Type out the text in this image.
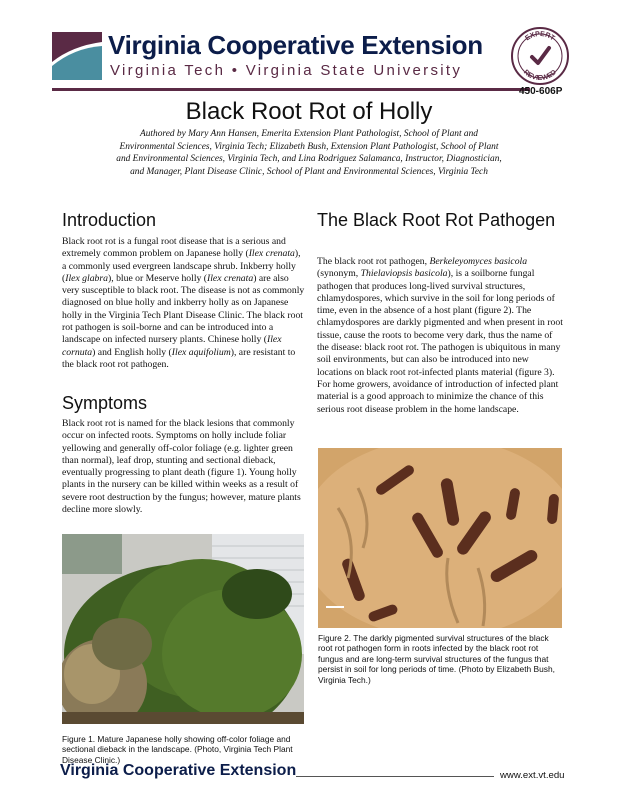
Virginia Cooperative Extension
Virginia Tech • Virginia State University
EXPERT
REVIEWED
450-606P
Black Root Rot of Holly
Authored by Mary Ann Hansen, Emerita Extension Plant Pathologist, School of Plant and Environmental Sciences, Virginia Tech; Elizabeth Bush, Extension Plant Pathologist, School of Plant and Environmental Sciences, Virginia Tech, and Lina Rodriguez Salamanca, Instructor, Diagnostician, and Manager, Plant Disease Clinic, School of Plant and Environmental Sciences, Virginia Tech
Introduction
Black root rot is a fungal root disease that is a serious and extremely common problem on Japanese holly (Ilex crenata), a commonly used evergreen landscape shrub. Inkberry holly (Ilex glabra), blue or Meserve holly (Ilex crenata) are also very susceptible to black root. The disease is not as commonly diagnosed on blue holly and inkberry holly as on Japanese holly in the Virginia Tech Plant Disease Clinic. The black root rot pathogen is soil-borne and can be introduced into a landscape on infected nursery plants. Chinese holly (Ilex cornuta) and English holly (Ilex aquifolium), are resistant to the black root rot pathogen.
Symptoms
Black root rot is named for the black lesions that commonly occur on infected roots. Symptoms on holly include foliar yellowing and generally off-color foliage (e.g. lighter green than normal), leaf drop, stunting and sectional dieback, eventually progressing to plant death (figure 1). Young holly plants in the nursery can be killed within weeks as a result of severe root destruction by the fungus; however, mature plants decline more slowly.
Figure 1. Mature Japanese holly showing off-color foliage and sectional dieback in the landscape. (Photo, Virginia Tech Plant Disease Clinic.)
The Black Root Rot Pathogen
The black root rot pathogen, Berkeleyomyces basicola (synonym, Thielaviopsis basicola), is a soilborne fungal pathogen that produces long-lived survival structures, chlamydospores, which survive in the soil for long periods of time, even in the absence of a host plant (figure 2). The chlamydospores are darkly pigmented and when present in root tissue, cause the roots to become very dark, thus the name of the disease: black root rot. The pathogen is ubiquitous in many soil environments, but can also be introduced into new locations on black root rot-infected plants material (figure 3). For home growers, avoidance of introduction of infected plant material is a good approach to minimize the chance of this serious root disease problem in the home landscape.
Figure 2. The darkly pigmented survival structures of the black root rot pathogen form in roots infected by the black root rot fungus and are long-term survival structures of the fungus that persist in soil for long periods of time. (Photo by Elizabeth Bush, Virginia Tech.)
Virginia Cooperative Extension	www.ext.vt.edu
